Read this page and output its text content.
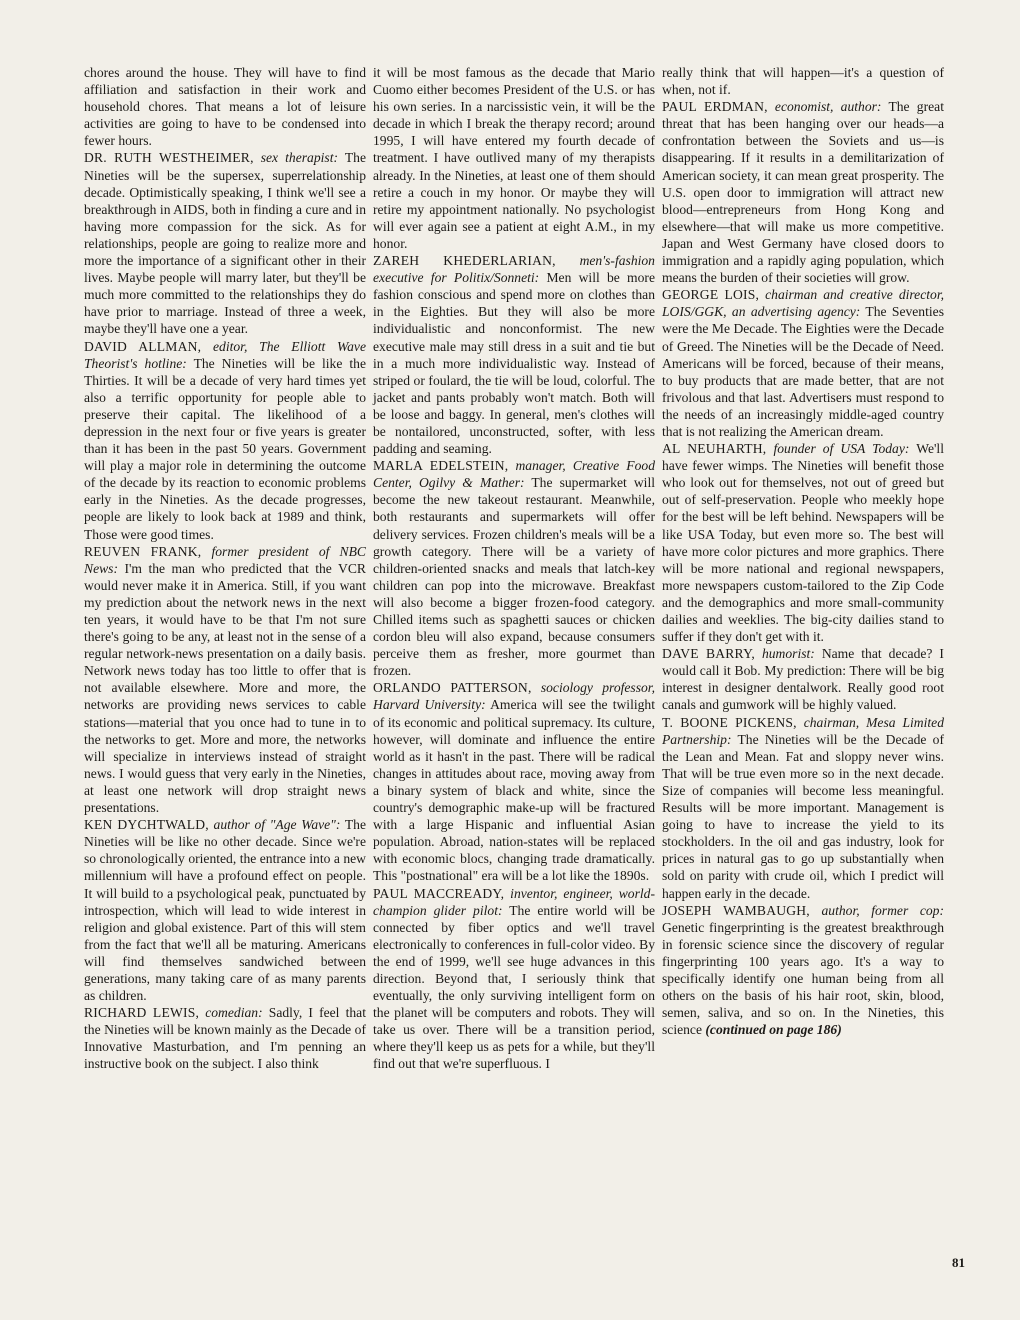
chores around the house. They will have to find affiliation and satisfaction in their work and household chores. That means a lot of leisure activities are going to have to be condensed into fewer hours.

DR. RUTH WESTHEIMER, sex therapist: The Nineties will be the supersex, superrelationship decade. Optimistically speaking, I think we'll see a breakthrough in AIDS, both in finding a cure and in having more compassion for the sick. As for relationships, people are going to realize more and more the importance of a significant other in their lives. Maybe people will marry later, but they'll be much more committed to the relationships they do have prior to marriage. Instead of three a week, maybe they'll have one a year.

DAVID ALLMAN, editor, The Elliott Wave Theorist's hotline: The Nineties will be like the Thirties. It will be a decade of very hard times yet also a terrific opportunity for people able to preserve their capital. The likelihood of a depression in the next four or five years is greater than it has been in the past 50 years. Government will play a major role in determining the outcome of the decade by its reaction to economic problems early in the Nineties. As the decade progresses, people are likely to look back at 1989 and think, Those were good times.

REUVEN FRANK, former president of NBC News: I'm the man who predicted that the VCR would never make it in America. Still, if you want my prediction about the network news in the next ten years, it would have to be that I'm not sure there's going to be any, at least not in the sense of a regular network-news presentation on a daily basis. Network news today has too little to offer that is not available elsewhere. More and more, the networks are providing news services to cable stations—material that you once had to tune in to the networks to get. More and more, the networks will specialize in interviews instead of straight news. I would guess that very early in the Nineties, at least one network will drop straight news presentations.

KEN DYCHTWALD, author of "Age Wave": The Nineties will be like no other decade. Since we're so chronologically oriented, the entrance into a new millennium will have a profound effect on people. It will build to a psychological peak, punctuated by introspection, which will lead to wide interest in religion and global existence. Part of this will stem from the fact that we'll all be maturing. Americans will find themselves sandwiched between generations, many taking care of as many parents as children.

RICHARD LEWIS, comedian: Sadly, I feel that the Nineties will be known mainly as the Decade of Innovative Masturbation, and I'm penning an instructive book on the subject. I also think

it will be most famous as the decade that Mario Cuomo either becomes President of the U.S. or has his own series. In a narcissistic vein, it will be the decade in which I break the therapy record; around 1995, I will have entered my fourth decade of treatment. I have outlived many of my therapists already. In the Nineties, at least one of them should retire a couch in my honor. Or maybe they will retire my appointment nationally. No psychologist will ever again see a patient at eight A.M., in my honor.

ZAREH KHEDERLARIAN, men's-fashion executive for Politix/Sonneti: Men will be more fashion conscious and spend more on clothes than in the Eighties. But they will also be more individualistic and nonconformist. The new executive male may still dress in a suit and tie but in a much more individualistic way. Instead of striped or foulard, the tie will be loud, colorful. The jacket and pants probably won't match. Both will be loose and baggy. In general, men's clothes will be nontailored, unconstructed, softer, with less padding and seaming.

MARLA EDELSTEIN, manager, Creative Food Center, Ogilvy & Mather: The supermarket will become the new takeout restaurant. Meanwhile, both restaurants and supermarkets will offer delivery services. Frozen children's meals will be a growth category. There will be a variety of children-oriented snacks and meals that latch-key children can pop into the microwave. Breakfast will also become a bigger frozen-food category. Chilled items such as spaghetti sauces or chicken cordon bleu will also expand, because consumers perceive them as fresher, more gourmet than frozen.

ORLANDO PATTERSON, sociology professor, Harvard University: America will see the twilight of its economic and political supremacy. Its culture, however, will dominate and influence the entire world as it hasn't in the past. There will be radical changes in attitudes about race, moving away from a binary system of black and white, since the country's demographic make-up will be fractured with a large Hispanic and influential Asian population. Abroad, nation-states will be replaced with economic blocs, changing trade dramatically. This "postnational" era will be a lot like the 1890s.

PAUL MACCREADY, inventor, engineer, world-champion glider pilot: The entire world will be connected by fiber optics and we'll travel electronically to conferences in full-color video. By the end of 1999, we'll see huge advances in this direction. Beyond that, I seriously think that eventually, the only surviving intelligent form on the planet will be computers and robots. They will take us over. There will be a transition period, where they'll keep us as pets for a while, but they'll find out that we're superfluous. I

really think that will happen—it's a question of when, not if.

PAUL ERDMAN, economist, author: The great threat that has been hanging over our heads—a confrontation between the Soviets and us—is disappearing. If it results in a demilitarization of American society, it can mean great prosperity. The U.S. open door to immigration will attract new blood—entrepreneurs from Hong Kong and elsewhere—that will make us more competitive. Japan and West Germany have closed doors to immigration and a rapidly aging population, which means the burden of their societies will grow.

GEORGE LOIS, chairman and creative director, LOIS/GGK, an advertising agency: The Seventies were the Me Decade. The Eighties were the Decade of Greed. The Nineties will be the Decade of Need. Americans will be forced, because of their means, to buy products that are made better, that are not frivolous and that last. Advertisers must respond to the needs of an increasingly middle-aged country that is not realizing the American dream.

AL NEUHARTH, founder of USA Today: We'll have fewer wimps. The Nineties will benefit those who look out for themselves, not out of greed but out of self-preservation. People who meekly hope for the best will be left behind. Newspapers will be like USA Today, but even more so. The best will have more color pictures and more graphics. There will be more national and regional newspapers, more newspapers custom-tailored to the Zip Code and the demographics and more small-community dailies and weeklies. The big-city dailies stand to suffer if they don't get with it.

DAVE BARRY, humorist: Name that decade? I would call it Bob. My prediction: There will be big interest in designer dentalwork. Really good root canals and gumwork will be highly valued.

T. BOONE PICKENS, chairman, Mesa Limited Partnership: The Nineties will be the Decade of the Lean and Mean. Fat and sloppy never wins. That will be true even more so in the next decade. Size of companies will become less meaningful. Results will be more important. Management is going to have to increase the yield to its stockholders. In the oil and gas industry, look for prices in natural gas to go up substantially when sold on parity with crude oil, which I predict will happen early in the decade.

JOSEPH WAMBAUGH, author, former cop: Genetic fingerprinting is the greatest breakthrough in forensic science since the discovery of regular fingerprinting 100 years ago. It's a way to specifically identify one human being from all others on the basis of his hair root, skin, blood, semen, saliva, and so on. In the Nineties, this science (continued on page 186)

81
